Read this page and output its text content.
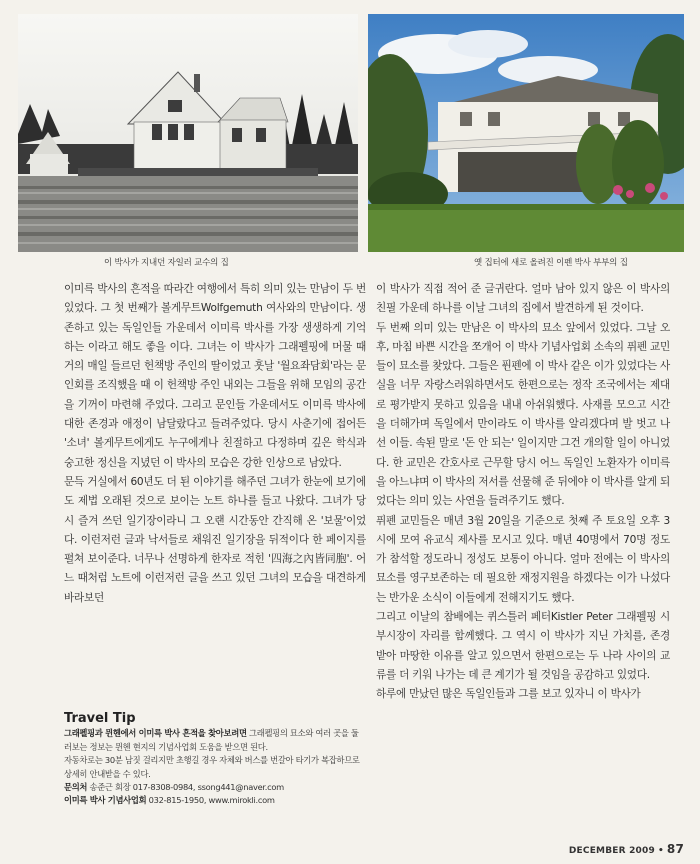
이 박사가 지내던 자일러 교수의 집	옛 집터에 새로 올려진 이펜 박사 부부의 집

이미륵 박사의 흔적을 따라간 여행에서 특히 의미 있는 만남이 두 번 있었다. 그 첫 번째가 볼게무트Wolfgemuth 여사와의 만남이다. 생존하고 있는 독일인들 가운데서 이미륵 박사를 가장 생생하게 기억하는 이라고 해도 좋을 이다. 그녀는 이 박사가 그래펠핑에 머물 때 거의 매일 들르던 헌책방 주인의 딸이었고 훗날 '월요좌담회'라는 문인회를 조직했을 때 이 헌책방 주인 내외는 그들을 위해 모임의 공간을 기꺼이 마련해 주었다. 그리고 문인들 가운데서도 이미륵 박사에 대한 존경과 애정이 남달랐다고 들려주었다. 당시 사춘기에 접어든 '소녀' 볼게무트에게도 누구에게나 친절하고 다정하며 깊은 학식과 숭고한 정신을 지녔던 이 박사의 모습은 강한 인상으로 남았다.

문득 거실에서 60년도 더 된 이야기를 해주던 그녀가 한눈에 보기에도 제법 오래된 것으로 보이는 노트 하나를 들고 나왔다. 그녀가 당시 즐겨 쓰던 일기장이라니 그 오랜 시간동안 간직해 온 '보물'이었다. 이런저런 글과 낙서들로 채워진 일기장을 뒤적이다 한 페이지를 펼쳐 보이준다. 너무나 선명하게 한자로 적힌 '四海之內皆同胞'. 어느 때처럼 노트에 이런저런 글을 쓰고 있던 그녀의 모습을 대견하게 바라보던

이 박사가 직접 적어 준 글귀란다. 얼마 남아 있지 않은 이 박사의 친필 가운데 하나를 이날 그녀의 집에서 발견하게 된 것이다.

두 번째 의미 있는 만남은 이 박사의 묘소 앞에서 있었다. 그날 오후, 마침 바쁜 시간을 쪼개어 이 박사 기념사업회 소속의 퓌펜 교민들이 묘소를 찾았다. 그들은 퓐펜에 이 박사 같은 이가 있었다는 사실을 너무 자랑스러워하면서도 한편으로는 정작 조국에서는 제대로 평가받지 못하고 있음을 내내 아쉬워했다. 사재를 모으고 시간을 더해가며 독일에서 만이라도 이 박사를 알리겠다며 발 벗고 나선 이들. 속된 말로 '돈 안 되는' 일이지만 그건 개의할 일이 아니었다. 한 교민은 간호사로 근무할 당시 어느 독일인 노환자가 이미륵을 아느냐며 이 박사의 저서를 선물해 준 뒤에야 이 박사를 알게 되었다는 의미 있는 사연을 들려주기도 했다.

퓌펜 교민들은 매년 3월 20일을 기준으로 첫째 주 토요일 오후 3시에 모여 유교식 제사를 모시고 있다. 매년 40명에서 70명 정도가 참석할 정도라니 정성도 보통이 아니다. 얼마 전에는 이 박사의 묘소를 영구보존하는 데 필요한 재정지원을 하겠다는 이가 나섰다는 반가운 소식이 이들에게 전해지기도 했다.

그리고 이날의 참배에는 퀴스틀러 페터Kistler Peter 그래펠핑 시부시장이 자리를 함께했다. 그 역시 이 박사가 지닌 가치를, 존경 받아 마땅한 이유를 알고 있으면서 한편으로는 두 나라 사이의 교류를 더 키워 나가는 데 큰 계기가 될 것임을 공감하고 있었다.

하루에 만났던 많은 독일인들과 그를 보고 있자니 이 박사가

Travel Tip
그래펠핑과 뮌헨에서 이미륵 박사 흔적을 찾아보려면 그래펠핑의 묘소와 여러 곳을 둘러보는 정보는 뮌헨 현지의 기념사업회 도움을 받으면 된다.
자동차로는 30분 남짓 걸리지만 초행길 경우 자체와 버스를 번갈아 타기가 복잡하므로 상세히 안내받을 수 있다.
문의처 송준근 회장 017-8308-0984, ssong441@naver.com
이미륵 박사 기념사업회 032-815-1950, www.mirokli.com
DECEMBER 2009 • 87
